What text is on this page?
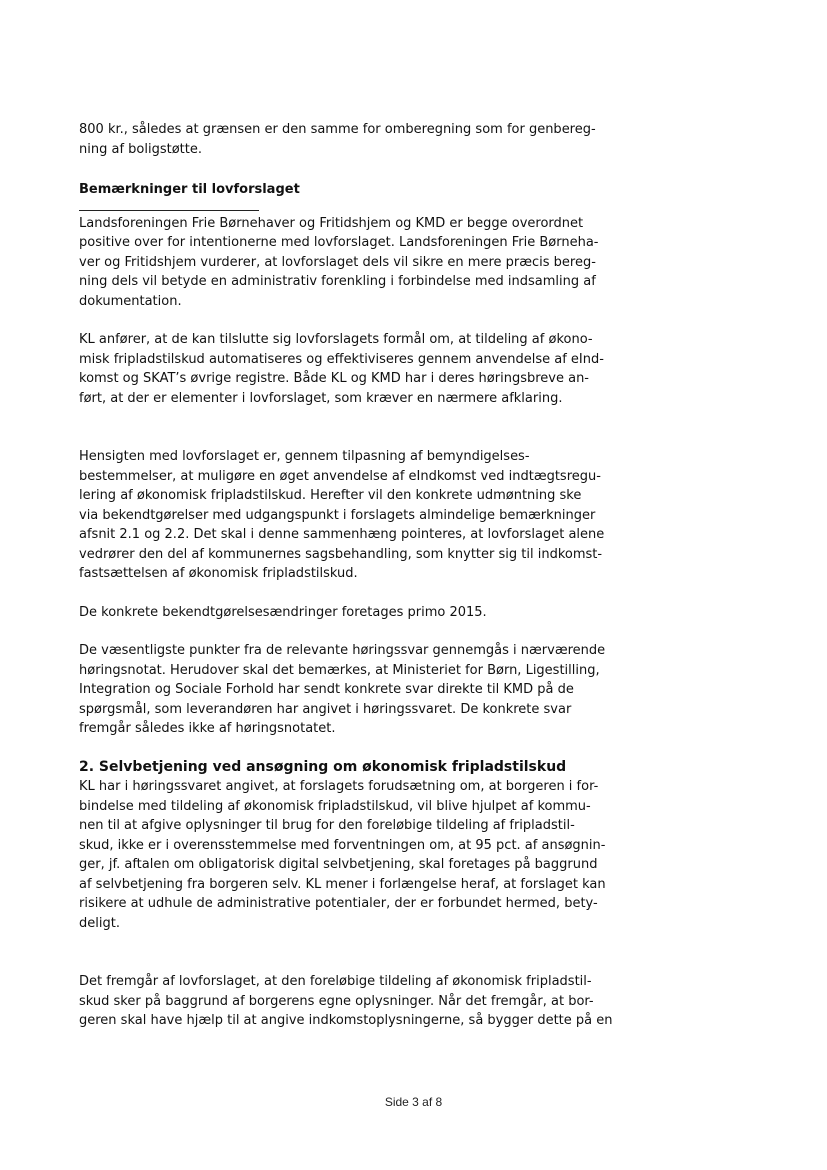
800 kr., således at grænsen er den samme for omberegning som for genbereg-
ning af boligstøtte.

Bemærkninger til lovforslaget

Landsforeningen Frie Børnehaver og Fritidshjem og KMD er begge overordnet
positive over for intentionerne med lovforslaget. Landsforeningen Frie Børneha-
ver og Fritidshjem vurderer, at lovforslaget dels vil sikre en mere præcis bereg-
ning dels vil betyde en administrativ forenkling i forbindelse med indsamling af
dokumentation.

KL anfører, at de kan tilslutte sig lovforslagets formål om, at tildeling af økono-
misk fripladstilskud automatiseres og effektiviseres gennem anvendelse af eInd-
komst og SKAT’s øvrige registre. Både KL og KMD har i deres høringsbreve an-
ført, at der er elementer i lovforslaget, som kræver en nærmere afklaring.

Hensigten med lovforslaget er, gennem tilpasning af bemyndigelses-
bestemmelser, at muligøre en øget anvendelse af eIndkomst ved indtægtsregu-
lering af økonomisk fripladstilskud. Herefter vil den konkrete udmøntning ske
via bekendtgørelser med udgangspunkt i forslagets almindelige bemærkninger
afsnit 2.1 og 2.2. Det skal i denne sammenhæng pointeres, at lovforslaget alene
vedrører den del af kommunernes sagsbehandling, som knytter sig til indkomst-
fastsættelsen af økonomisk fripladstilskud.

De konkrete bekendtgørelsesændringer foretages primo 2015.

De væsentligste punkter fra de relevante høringssvar gennemgås i nærværende
høringsnotat. Herudover skal det bemærkes, at Ministeriet for Børn, Ligestilling,
Integration og Sociale Forhold har sendt konkrete svar direkte til KMD på de
spørgsmål, som leverandøren har angivet i høringssvaret. De konkrete svar
fremgår således ikke af høringsnotatet.

2. Selvbetjening ved ansøgning om økonomisk fripladstilskud

KL har i høringssvaret angivet, at forslagets forudsætning om, at borgeren i for-
bindelse med tildeling af økonomisk fripladstilskud, vil blive hjulpet af kommu-
nen til at afgive oplysninger til brug for den foreløbige tildeling af fripladstil-
skud, ikke er i overensstemmelse med forventningen om, at 95 pct. af ansøgnin-
ger, jf. aftalen om obligatorisk digital selvbetjening, skal foretages på baggrund
af selvbetjening fra borgeren selv. KL mener i forlængelse heraf, at forslaget kan
risikere at udhule de administrative potentialer, der er forbundet hermed, bety-
deligt.

Det fremgår af lovforslaget, at den foreløbige tildeling af økonomisk fripladstil-
skud sker på baggrund af borgerens egne oplysninger. Når det fremgår, at bor-
geren skal have hjælp til at angive indkomstoplysningerne, så bygger dette på en

Side 3 af 8
